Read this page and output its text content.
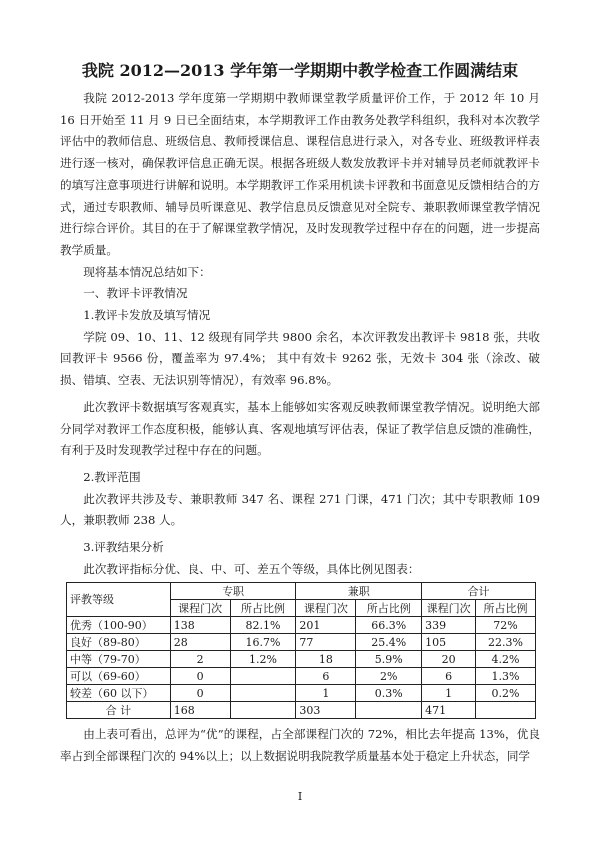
我院 2012—2013 学年第一学期期中教学检查工作圆满结束

我院 2012-2013 学年度第一学期期中教师课堂教学质量评价工作，于 2012 年 10 月 16 日开始至 11 月 9 日已全面结束，本学期教评工作由教务处教学科组织，我科对本次教学评估中的教师信息、班级信息、教师授课信息、课程信息进行录入，对各专业、班级教评样表进行逐一核对，确保教评信息正确无误。根据各班级人数发放教评卡并对辅导员老师就教评卡的填写注意事项进行讲解和说明。本学期教评工作采用机读卡评教和书面意见反馈相结合的方式，通过专职教师、辅导员听课意见、教学信息员反馈意见对全院专、兼职教师课堂教学情况进行综合评价。其目的在于了解课堂教学情况，及时发现教学过程中存在的问题，进一步提高教学质量。

现将基本情况总结如下：

一、教评卡评教情况

1.教评卡发放及填写情况

学院 09、10、11、12 级现有同学共 9800 余名，本次评教发出教评卡 9818 张，共收回教评卡 9566 份，覆盖率为 97.4%； 其中有效卡 9262 张，无效卡 304 张（涂改、破损、错填、空表、无法识别等情况），有效率 96.8%。

此次教评卡数据填写客观真实，基本上能够如实客观反映教师课堂教学情况。说明绝大部分同学对教评工作态度积极，能够认真、客观地填写评估表，保证了教学信息反馈的准确性，有利于及时发现教学过程中存在的问题。

2.教评范围

此次教评共涉及专、兼职教师 347 名、课程 271 门课，471 门次；其中专职教师 109 人，兼职教师 238 人。

3.评教结果分析

此次教评指标分优、良、中、可、差五个等级，具体比例见图表：

评教等级	专职		兼职		合计	
	课程门次	所占比例	课程门次	所占比例	课程门次	所占比例
优秀（100-90）	138	82.1%	201	66.3%	339	72%
良好（89-80）	28	16.7%	77	25.4%	105	22.3%
中等（79-70）	2	1.2%	18	5.9%	20	4.2%
可以（69-60）	0		6	2%	6	1.3%
较差（60 以下）	0		1	0.3%	1	0.2%
合 计	168		303		471	

由上表可看出，总评为“优”的课程，占全部课程门次的 72%，相比去年提高 13%，优良率占到全部课程门次的 94%以上；以上数据说明我院教学质量基本处于稳定上升状态，同学

I
